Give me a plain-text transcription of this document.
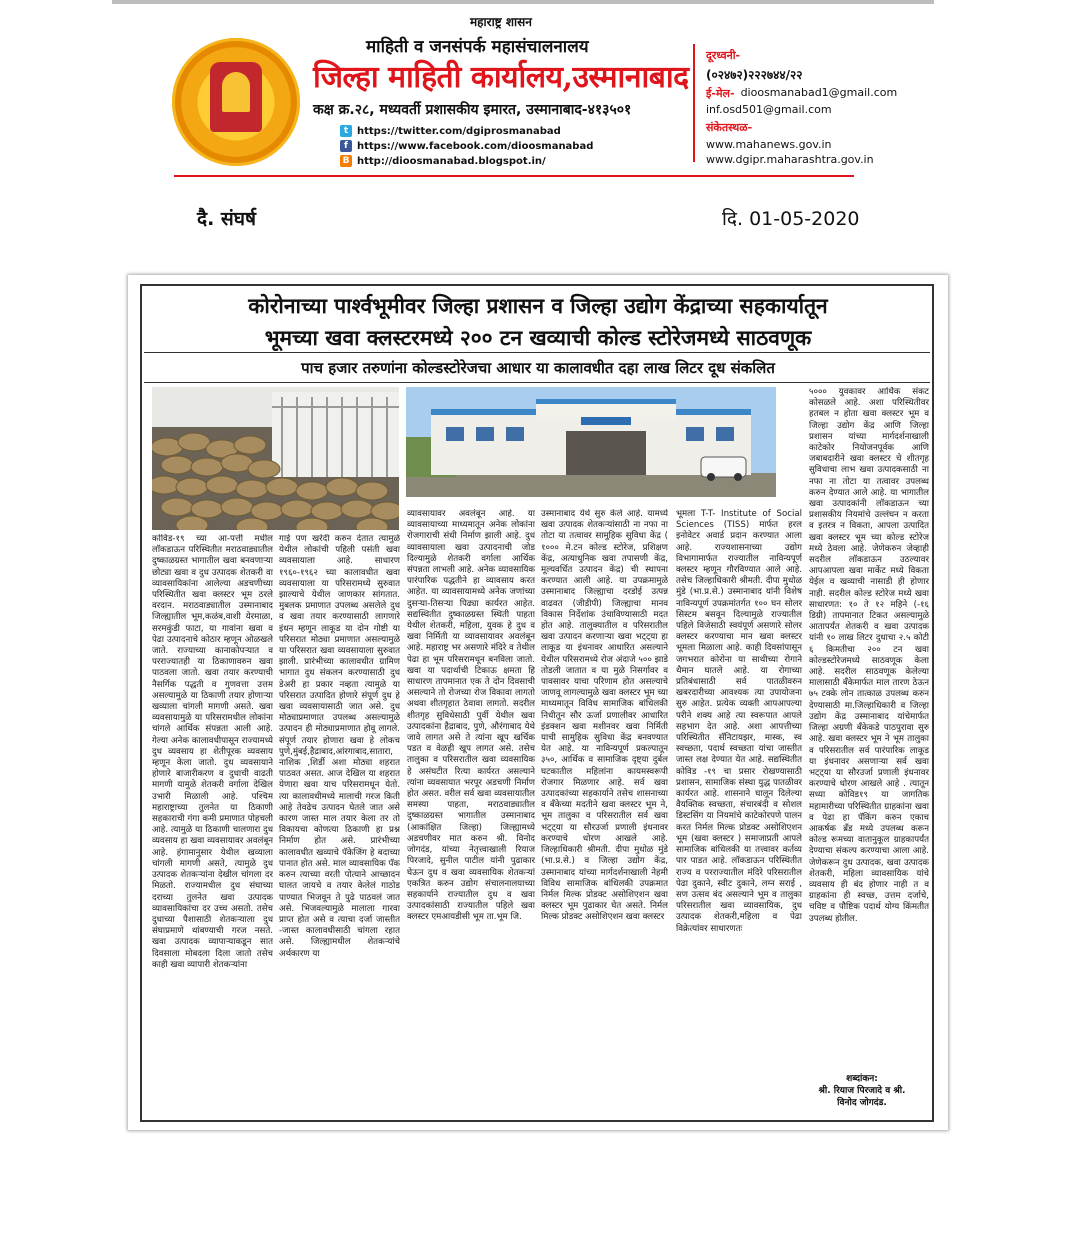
महाराष्ट्र शासन
माहिती व जनसंपर्क महासंचालनालय
जिल्हा माहिती कार्यालय,उस्मानाबाद
कक्ष क्र.२८, मध्यवर्ती प्रशासकीय इमारत, उस्मानाबाद-४१३५०१
t https://twitter.com/dgiprosmanabad
f https://www.facebook.com/dioosmanabad
B http://dioosmanabad.blogspot.in/
दूरध्वनी-
(०२४७२)२२२७४४/२२
ई-मेल- dioosmanabad1@gmail.com
inf.osd501@gmail.com
संकेतस्थळ-
www.mahanews.gov.in
www.dgipr.maharashtra.gov.in
दै. संघर्ष	दि. 01-05-2020
कोरोनाच्या पार्श्वभूमीवर जिल्हा प्रशासन व जिल्हा उद्योग केंद्राच्या सहकार्यातून
भूमच्या खवा क्लस्टरमध्ये २०० टन खव्याची कोल्ड स्टोरेजमध्ये साठवणूक
पाच हजार तरुणांना कोल्डस्टोरेजचा आधार या कालावधीत दहा लाख लिटर दूध संकलित
कोविड-१९ च्या आ-पत्ती मधील लॉकडाऊन परिस्थितीत मराठवाड्यातील दुष्काळग्रस्त भागातील खवा बनवणाऱ्या छोट्या खवा व दुध उत्पादक शेतकरी वा व्यावसायिकांना आलेल्या अडचणीच्या परिस्थितीत खवा क्लस्टर भूम ठरले वरदान. मराठवाड्यातील उस्मानाबाद जिल्ह्यातील भूम,कळंब,वाशी येरमाळा, सरमकुंडी फाटा, या गावांना खवा व पेढा उत्पादनाचे कोठार म्हणून ओळखले जाते. राज्याच्या कानाकोपऱ्यात व परराज्यातही या ठिकाणावरुन खवा पाठवला जातो. खवा तयार करण्याची नैसर्गिक पद्धती व गुणवत्ता उत्तम असल्यामुळे या ठिकाणी तयार होणाऱ्या खव्याला चांगली मागणी असते. खवा व्यवसायामुळे या परिसरामधील लोकांना चांगले आर्थिक संपन्नता आली आहे. गेल्या अनेक कालावधीपासून राज्यामध्ये दुध व्यवसाय हा शेतीपूरक व्यवसाय म्हणून केला जातो. दुध व्यवसायाने होणारे बाजारीकरण व दुधाची वाढती मागणी यामुळे शेतकरी वर्गाला देखिल उभारी मिळाली आहे. पश्चिम महाराष्ट्राच्या तुलनेत या ठिकाणी सहकाराची गंगा कमी प्रमाणात पोहचली आहे. त्यामुळे या ठिकाणी चालणारा दुध व्यवसाय हा खवा व्यवसायावर अवलंबून आहे. हंगामानुसार येथील खव्याला चांगली मागणी असते, त्यामुळे दुध उत्पादक शेतकऱ्यांना देखील चांगला दर मिळतो. राज्यामधील दुध संघाच्या दराच्या तुलनेत खवा उत्पादक व्यावसायिकांचा दर उच्च असतो. तसेच दुधाच्या पैशासाठी शेतकऱ्याला दुध संघाप्रमाणे थांबण्याची गरज नसते. खवा उत्पादक व्यापाऱ्याकडून सात दिवसाला मोबदला दिला जातो तसेच काही खवा व्यापारी शेतकऱ्यांना
गाई पण खरेदी करुन देतात त्यामुळे येथील लोकांची पहिली पसंती खवा व्यवसायाला आहे. साधारण १९६०-१९६२ च्या कालावधीत खवा व्यवसायाला या परिसरामध्ये सुरुवात झाल्याचे येथील जाणकार सांगतात. मुबलक प्रमाणात उपलब्ध असलेले दुध व खवा तयार करण्यासाठी लागणारे इंधन म्हणून लाकूड या दोन गोष्टी या परिसरात मोठ्या प्रमाणात असल्यामुळे या परिसरात खवा व्यवसायाला सुरुवात झाली. प्रारंभीच्या कालावधीत ग्रामिण भागात दुध संकलन करण्यासाठी दुध डेअरी हा प्रकार नव्हता त्यामुळे या परिसरात उत्पादित होणारे संपूर्ण दुध हे खवा व्यवसायासाठी जात असे. दुध मोठ्याप्रमाणात उपलब्ध असल्यामुळे उत्पादन ही मोठ्याप्रमाणात होवू लागले. संपूर्ण तयार होणारा खवा हे लोकच पुणे,मुंबई,हैद्राबाद,आंरगाबाद,सातारा,नाशिक ,शिर्डी अशा मोठ्या शहरात पाठवत असत. आज देखिल या शहरात येणारा खवा याच परिसरामधून येतो. त्या कालावधीमध्ये मालाची गरज किती आहे तेवढेच उत्पादन घेतले जात असे कारण जास्त माल तयार केला तर तो विकायचा कोणत्या ठिकाणी हा प्रश्न निर्माण होत असे. प्रारंभीच्या कालावधीत खव्याचे पॅकेजिंग हे बदाच्या पानात होत असे. माल व्यावसायिक पॅक करुन त्याच्या वरती पोत्याने आच्छादन घालत जायचे व तयार केलेलं गाठोड पाण्यात भिजवून ते पुढे पाठवलं जात असे. भिजवल्यामुळे मालाला गारवा प्राप्त होत असे व त्याचा दर्जा जास्तीत -जास्त कालावधीसाठी चांगला रहात असे. जिल्ह्यामधील शेतकऱ्यांचे अर्थकारण या
व्यावसायावर अवलंबून आहे. या व्यावसायाच्या माध्यमातून अनेक लोकांना रोजगाराची संधी निर्माण झाली आहे. दुध व्यावसायाला खवा उत्पादनाची जोड दिल्यामुळे शेतकरी वर्गाला आर्थिक संपन्नता लाभली आहे. अनेक व्यावसायिक पारंपारिक पद्धतीने हा व्यावसाय करत आहेत. या व्यावसायामध्ये अनेक जणांच्या दुसऱ्या-तिसऱ्या पिढ्या कार्यरत आहेत. सद्यस्थितीत दुष्काळग्रस्त स्थिती पाहता येथील शेतकरी, महिला, युवक हे दुध व खवा निर्मिती या व्यावसायावर अवलंबून आहे. महाराष्ट्र भर असणारे मंदिरे व तेथील पेढा हा भूम परिसरामधून बनविला जातो. खवा या पदार्थाची टिकाऊ क्षमता हि साधारण तापमानात एक ते दोन दिवसाची असल्याने तो रोजच्या रोज विकावा लागतो अथवा शीतगृहात ठेवावा लागतो. सदरील शीतगृह सुविधेसाठी पुर्वी येथील खवा उत्पादकांना हैद्राबाद, पुणे, औरंगाबाद येथे जावे लागत असे ते त्यांना खूप खर्चिक पडत व वेळही खूप लागत असे. तसेच तालुका व परिसरातील खवा व्यवसायिक हे असंघटीत रित्या कार्यरत असल्याने त्यांना व्यवसायात भरपूर अडचणी निर्माण होत असत. वरील सर्व खवा व्यवसायातील समस्या पाहता, मराठवाड्यातील दुष्काळग्रस्त भागातील उस्मानाबाद (आकांक्षित जिल्हा) जिल्ह्यामध्ये अडचणीवर मात करुन श्री. विनोद जोगदंड, यांच्या नेतृत्त्वाखाली रियाज पिरजादे, सुनील पाटील यांनी पुढाकार घेऊन दुध व खवा व्यवसायिक शेतकऱ्यां एकत्रित करुन उद्योग संचालनालयाच्या सहकार्याने राज्यातील दुध व खवा उत्पादकांसाठी राज्यातील पहिले खवा क्लस्टर एमआयडीसी भूम ता.भूम जि.
उस्मानाबाद येथे सुरु केले आहे. यामध्ये खवा उत्पादक शेतकऱ्यांसाठी ना नफा ना तोटा या तत्वावर सामुहिक सुविधा केंद्र ( १००० मे.टन कोल्ड स्टोरेज, प्रशिक्षण केंद्र, अत्याधुनिक खवा तपासणी केंद्र, मूल्यवर्धित उत्पादन केंद्र) ची स्थापना करण्यात आली आहे. या उपक्रमामुळे उस्मानाबाद जिल्ह्याचा दरडोई उत्पन्न वाढवत (जीडीपी) जिल्ह्याचा मानव विकास निर्देशांक उंचाविण्यासाठी मदत होत आहे. तालुक्यातील व परिसरातील खवा उत्पादन करणाऱ्या खवा भट्ट्या हा लाकूड या इंधनावर आधारित असल्याने येथील परिसरामध्ये रोज अंदाजे ५०० झाडे तोडली जातात व या मुळे निसर्गावर व पावसावर याचा परिणाम होत असल्याचे जाणवू लागल्यामुळे खवा क्लस्टर भूम च्या माध्यमातून विविध सामाजिक बांधिलकी निधीतून सौर ऊर्जा प्रणालीवर आधारित इंडक्शन खवा मशीनवर खवा निर्मिती याची सामुहिक सुविधा केंद्र बनवण्यात येत आहे. या नाविन्यपूर्ण प्रकल्पातून ३५०, आर्थिक व सामाजिक दृष्ट्या दुर्बल घटकातील महिलांना कायमस्वरूपी रोजगार मिळणार आहे. सर्व खवा उत्पादकांच्या सहकार्याने तसेच शासनाच्या व बँकेच्या मदतीने खवा क्लस्टर भूम ने, भूम तालुका व परिसरातील सर्व खवा भट्ट्या या सौरउर्जा प्रणाली इंधनावर करण्याचे धोरण आखले आहे. जिल्हाधिकारी श्रीमती. दीपा मुधोळ मुंडे (भा.प्र.से.) व जिल्हा उद्योग केंद्र, उस्मानाबाद यांच्या मार्गदर्शनाखाली नेहमी विविध सामाजिक बांधिलकी उपक्रमात निर्मल मिल्क प्रोडक्ट असोशिएशन खवा क्लस्टर भूम पुढाकार घेत असते. निर्मल मिल्क प्रोडक्ट असोशिएशन खवा क्लस्टर
भूमला T-T- Institute of Social Sciences (TISS) मार्फत हरल इनोवेटर अवार्ड प्रदान करण्यात आला आहे. राज्यशासनाच्या उद्योग विभागामार्फत राज्यातील नाविन्यपूर्ण क्लस्टर म्हणून गौरविण्यात आले आहे. तसेच जिल्हाधिकारी श्रीमती. दीपा मुधोळ मुंडे (भा.प्र.से.) उस्मानाबाद यांनी विशेष नाविन्यपूर्ण उपक्रमांतर्गत १०० घन सोलर सिस्टम बसवून दिल्यामुळे राज्यातील पहिले विजेसाठी स्वयंपूर्ण असणारे सोलर क्लस्टर करण्याचा मान खवा क्लस्टर भूमला मिळाला आहे. काही दिवसांपासून जगभरात कोरोना या साथीच्या रोगाने थैमान घातले आहे. या रोगाच्या प्रतिबंधासाठी सर्व पातळीवरुन खबरदारीच्या आवश्यक त्या उपायोजना सुरु आहेत. प्रत्येक व्यक्ती आपआपल्या परीने शक्य आहे त्या स्वरूपात आपले सहभाग देत आहे. अशा आपत्तीच्या परिस्थितीत सॅनिटायझर, मास्क, स्व स्वच्छता, पदार्थ स्वच्छता यांचा जास्तीत जास्त लक्ष देण्यात येत आहे. सद्यस्थितीत कोविड -१९ चा प्रसार रोखण्यासाठी प्रशासन, सामाजिक संस्था युद्ध पातळीवर कार्यरत आहे. शासनाने घालून दिलेल्या वैयक्तिक स्वच्छता, संचारबंदी व सोशल डिस्टसिंग या नियमांचे काटेकोरपणे पालन करत निर्मल मिल्क प्रोडक्ट असोशिएशन भूम (खवा क्लस्टर ) समाजाप्रती आपले सामाजिक बांधिलकी या तत्त्वावर कर्तव्य पार पाडत आहे. लॉकडाऊन परिस्थितीत राज्य व परराज्यातील मंदिरे परिसरातील पेढा दुकाने, स्वीट दुकाने, लग्न सराई , सण उत्सव बंद असल्याने भूम व तालुका परिसरातील खवा व्यावसायिक, दुध उत्पादक शेतकरी,महिला व पेढा विक्रेत्यांवर साधारणतः
५००० युवकावर आर्थिक संकट कोसळले आहे. अशा परिस्थितीवर हतबल न होता खवा क्लस्टर भूम व जिल्हा उद्योग केंद्र आणि जिल्हा प्रशासन यांच्या मार्गदर्शनाखाली काटेकोर नियोजनपूर्वक आणि जबाबदारीने खवा क्लस्टर चे शीतगृह सुविधाचा लाभ खवा उत्पादकसाठी ना नफा ना तोटा या तत्वावर उपलब्ध करुन देण्यात आले आहे. या भागातील खवा उत्पादकांनी लॉकडाऊन च्या प्रशासकीय नियमांचे उल्लंघन न करता व इतरत्र न विकता, आपला उत्पादित खवा क्लस्टर भूम च्या कोल्ड स्टोरेज मध्ये ठेवला आहे. जेणेकरुन जेव्हाही सदरील लॉकडाऊन उठल्यावर आपआपला खवा मार्केट मध्ये विकता येईल व खव्याची नासाडी ही होणार नाही. सदरील कोल्ड स्टोरेज मध्ये खवा साधारणत: १० ते १२ महिने (-१६ डिग्री) तापमानात टिकत असल्यामुळे आतापर्यंत शेतकरी व खवा उत्पादक यांनी १० लाख लिटर दुधाचा २.५ कोटी ६ किमतीचा २०० टन खवा कोल्डस्टोरेजमध्ये साठवणूक केला आहे. सदरील साठवणूक केलेल्या मालासाठी बँकेमार्फत माल तारण ठेऊन ७५ टक्के लोन तात्काळ उपलब्ध करुन देण्यासाठी मा.जिल्हाधिकारी व जिल्हा उद्योग केंद्र उस्मानाबाद यांचेमार्फत जिल्हा अग्रणी बँकेकडे पाठपुरावा सुरु आहे. खवा क्लस्टर भूम ने भूम तालुका व परिसरातील सर्व पारंपारिक लाकूड या इंधनावर असणाऱ्या सर्व खवा भट्ट्या या सौरउर्जा प्रणाली इंधनावर करण्याचे धोरण आखले आहे . त्यातून सध्या कोविड१९ या जागतिक महामारीच्या परिस्थितीत ग्राहकांना खवा व पेढा हा पॅकिंग करुन एकाच आकर्षक ब्रँड मध्ये उपलब्ध करून कोल्ड रूमच्या वातानुकूल ग्राहकापर्यंत देण्याचा संकल्प करण्याचा आला आहे. जेणेकरून दुध उत्पादक, खवा उत्पादक शेतकरी, महिला व्यावसायिक यांचे व्यवसाय ही बंद होणार नाही त व ग्राहकांना ही स्वच्छ, उत्तम दर्जाचे, चविष्ट व पौष्टिक पदार्थ योग्य किंमतीत उपलब्ध होतील.
शब्दांकन:
श्री. रियाज पिरजादे व श्री. विनोद जोगदंड.
